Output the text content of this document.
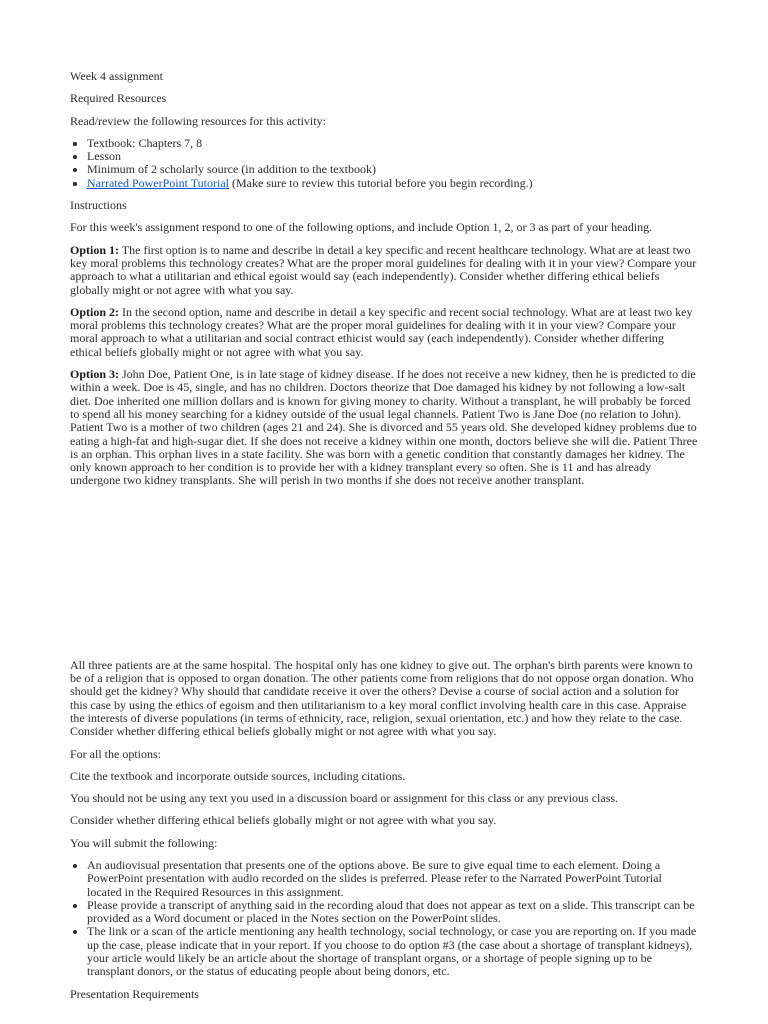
Week 4 assignment

Required Resources

Read/review the following resources for this activity:

• Textbook: Chapters 7, 8
• Lesson
• Minimum of 2 scholarly source (in addition to the textbook)
• Narrated PowerPoint Tutorial (Make sure to review this tutorial before you begin recording.)

Instructions

For this week's assignment respond to one of the following options, and include Option 1, 2, or 3 as part of your heading.

Option 1: The first option is to name and describe in detail a key specific and recent healthcare technology. What are at least two key moral problems this technology creates? What are the proper moral guidelines for dealing with it in your view? Compare your approach to what a utilitarian and ethical egoist would say (each independently). Consider whether differing ethical beliefs globally might or not agree with what you say.

Option 2: In the second option, name and describe in detail a key specific and recent social technology. What are at least two key moral problems this technology creates? What are the proper moral guidelines for dealing with it in your view? Compare your moral approach to what a utilitarian and social contract ethicist would say (each independently). Consider whether differing ethical beliefs globally might or not agree with what you say.

Option 3: John Doe, Patient One, is in late stage of kidney disease. If he does not receive a new kidney, then he is predicted to die within a week. Doe is 45, single, and has no children. Doctors theorize that Doe damaged his kidney by not following a low-salt diet. Doe inherited one million dollars and is known for giving money to charity. Without a transplant, he will probably be forced to spend all his money searching for a kidney outside of the usual legal channels. Patient Two is Jane Doe (no relation to John). Patient Two is a mother of two children (ages 21 and 24). She is divorced and 55 years old. She developed kidney problems due to eating a high-fat and high-sugar diet. If she does not receive a kidney within one month, doctors believe she will die. Patient Three is an orphan. This orphan lives in a state facility. She was born with a genetic condition that constantly damages her kidney. The only known approach to her condition is to provide her with a kidney transplant every so often. She is 11 and has already undergone two kidney transplants. She will perish in two months if she does not receive another transplant.

All three patients are at the same hospital. The hospital only has one kidney to give out. The orphan's birth parents were known to be of a religion that is opposed to organ donation. The other patients come from religions that do not oppose organ donation. Who should get the kidney? Why should that candidate receive it over the others? Devise a course of social action and a solution for this case by using the ethics of egoism and then utilitarianism to a key moral conflict involving health care in this case. Appraise the interests of diverse populations (in terms of ethnicity, race, religion, sexual orientation, etc.) and how they relate to the case. Consider whether differing ethical beliefs globally might or not agree with what you say.

For all the options:

Cite the textbook and incorporate outside sources, including citations.

You should not be using any text you used in a discussion board or assignment for this class or any previous class.

Consider whether differing ethical beliefs globally might or not agree with what you say.

You will submit the following:

• An audiovisual presentation that presents one of the options above. Be sure to give equal time to each element. Doing a PowerPoint presentation with audio recorded on the slides is preferred. Please refer to the Narrated PowerPoint Tutorial located in the Required Resources in this assignment.
• Please provide a transcript of anything said in the recording aloud that does not appear as text on a slide. This transcript can be provided as a Word document or placed in the Notes section on the PowerPoint slides.
• The link or a scan of the article mentioning any health technology, social technology, or case you are reporting on. If you made up the case, please indicate that in your report. If you choose to do option #3 (the case about a shortage of transplant kidneys), your article would likely be an article about the shortage of transplant organs, or a shortage of people signing up to be transplant donors, or the status of educating people about being donors, etc.

Presentation Requirements
